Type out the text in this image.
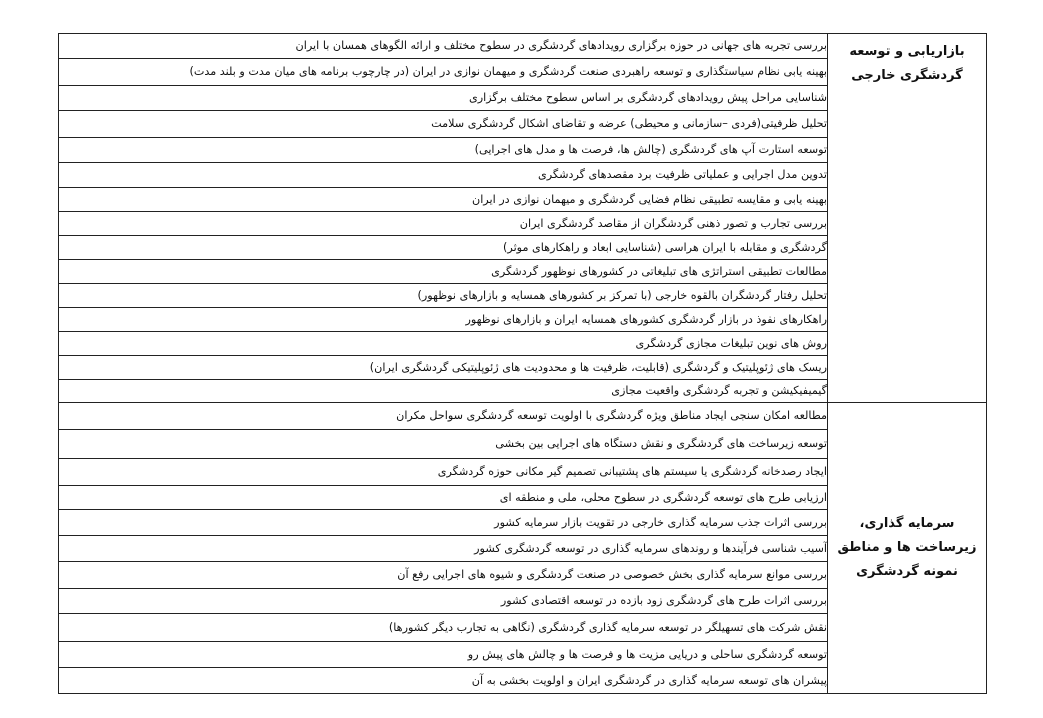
بازاریابی و توسعه گردشگری خارجی	بررسی تجربه های جهانی در حوزه برگزاری رویدادهای گردشگری در سطوح مختلف و ارائه الگوهای همسان با ایران
	بهینه یابی نظام سیاستگذاری و توسعه راهبردی صنعت گردشگری و میهمان نوازی در ایران (در چارچوب برنامه های میان مدت و بلند مدت)
	شناسایی مراحل پیش رویدادهای گردشگری بر اساس سطوح مختلف برگزاری
	تحلیل ظرفیتی(فردی –سازمانی و محیطی) عرضه و تقاضای اشکال گردشگری سلامت
	توسعه استارت آپ های گردشگری (چالش ها، فرصت ها و مدل های اجرایی)
	تدوین مدل اجرایی و عملیاتی ظرفیت برد مقصدهای گردشگری
	بهینه یابی و مقایسه تطبیقی نظام فضایی گردشگری و میهمان نوازی در ایران
	بررسی تجارب و تصور ذهنی گردشگران از مقاصد گردشگری ایران
	گردشگری و مقابله با ایران هراسی (شناسایی ابعاد و راهکارهای موثر)
	مطالعات تطبیقی استراتژی های تبلیغاتی در کشورهای نوظهور گردشگری
	تحلیل رفتار گردشگران بالقوه خارجی (با تمرکز بر کشورهای همسایه و بازارهای نوظهور)
	راهکارهای نفوذ در بازار گردشگری کشورهای همسایه ایران و بازارهای نوظهور
	روش های نوین تبلیغات مجازی گردشگری
	ریسک های ژئوپلیتیک و گردشگری (قابلیت، ظرفیت ها و محدودیت های ژئوپلیتیکی گردشگری ایران)
	گیمیفیکیشن و تجربه گردشگری واقعیت مجازی
سرمایه گذاری، زیرساخت ها و مناطق نمونه گردشگری	مطالعه امکان سنجی ایجاد مناطق ویژه گردشگری با اولویت توسعه گردشگری سواحل مکران
	توسعه زیرساخت های گردشگری و نقش دستگاه های اجرایی بین بخشی
	ایجاد رصدخانه گردشگری یا سیستم های پشتیبانی تصمیم گیر مکانی حوزه گردشگری
	ارزیابی طرح های توسعه گردشگری در سطوح محلی، ملی و منطقه ای
	بررسی اثرات جذب سرمایه گذاری خارجی در تقویت بازار سرمایه کشور
	آسیب شناسی فرآیندها و روندهای سرمایه گذاری در توسعه گردشگری کشور
	بررسی موانع سرمایه گذاری بخش خصوصی در صنعت گردشگری و شیوه های اجرایی رفع آن
	بررسی اثرات طرح های گردشگری زود بازده در توسعه اقتصادی کشور
	نقش شرکت های تسهیلگر در توسعه سرمایه گذاری گردشگری (نگاهی به تجارب دیگر کشورها)
	توسعه گردشگری ساحلی و دریایی مزیت ها و فرصت ها و چالش های پیش رو
	پیشران های توسعه سرمایه گذاری در گردشگری ایران و اولویت بخشی به آن
